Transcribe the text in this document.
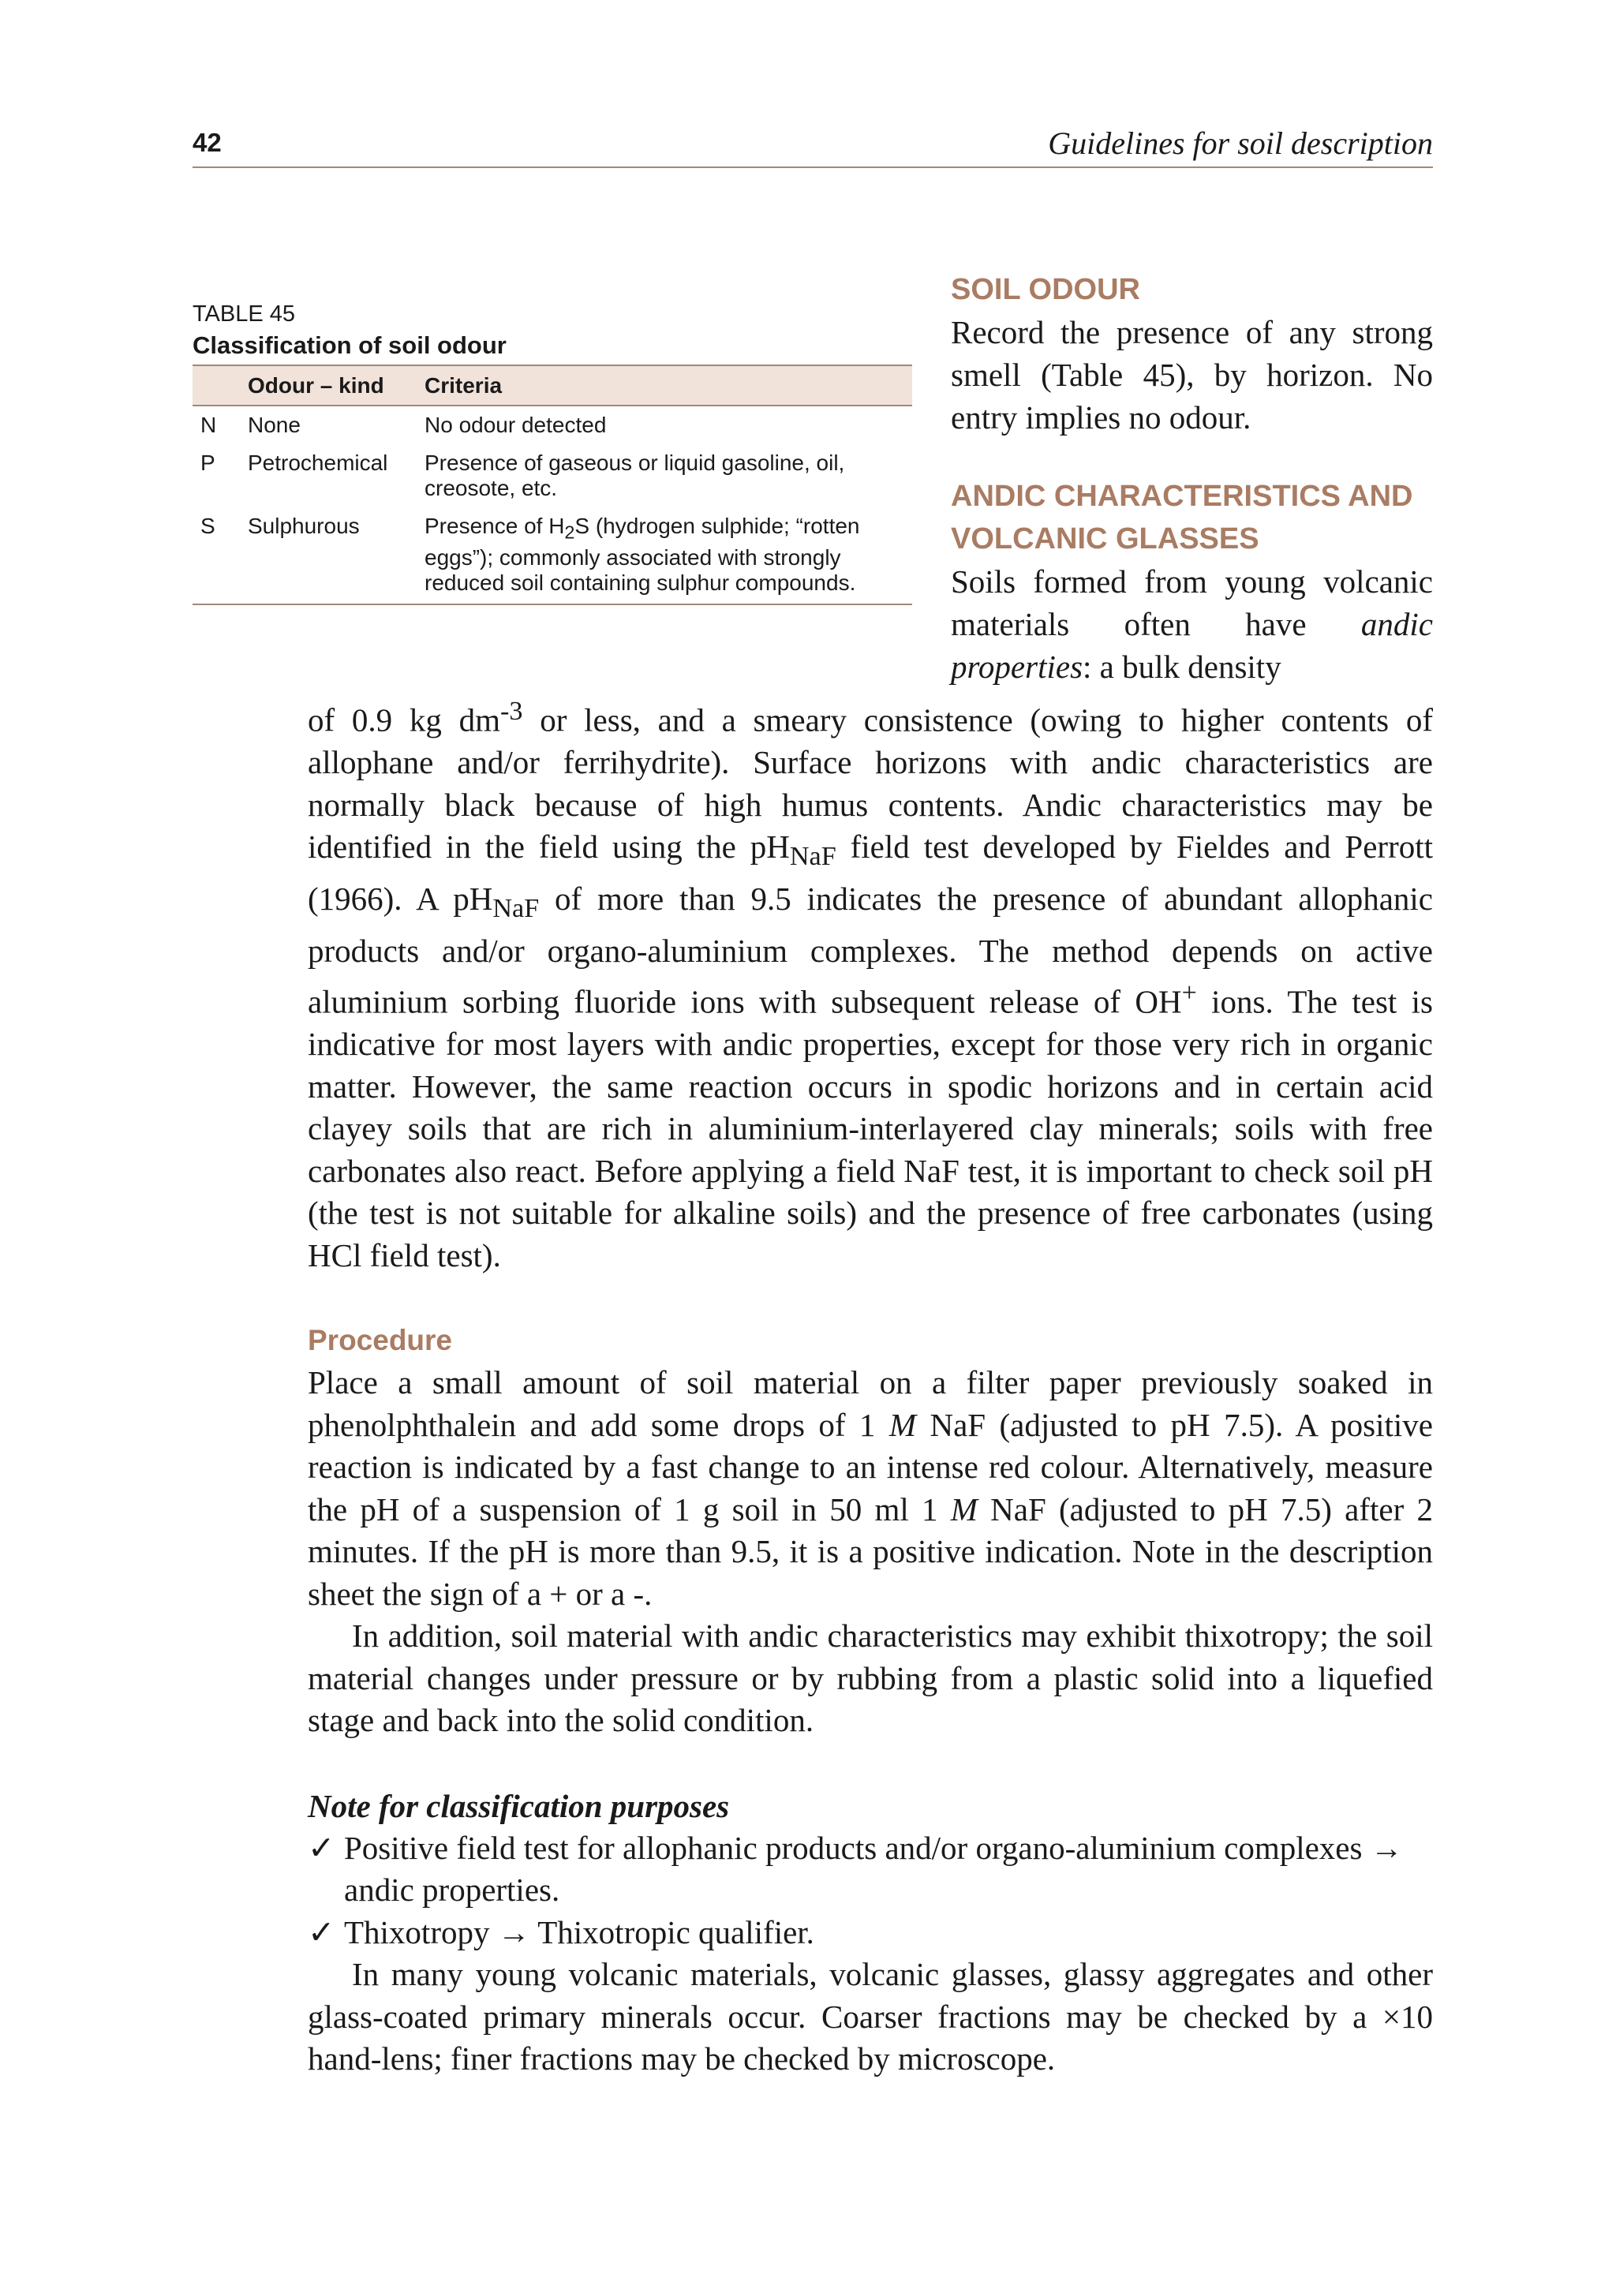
42	Guidelines for soil description
TABLE 45
Classification of soil odour
	Odour – kind	Criteria
N	None	No odour detected
P	Petrochemical	Presence of gaseous or liquid gasoline, oil, creosote, etc.
S	Sulphurous	Presence of $H_2S$ (hydrogen sulphide; “rotten eggs”); commonly associated with strongly reduced soil containing sulphur compounds.
SOIL ODOUR
Record the presence of any strong smell (Table 45), by horizon. No entry implies no odour.
ANDIC CHARACTERISTICS AND VOLCANIC GLASSES
Soils formed from young volcanic materials often have andic properties: a bulk density

of 0.9 kg $dm^{-3}$ or less, and a smeary consistence (owing to higher contents of allophane and/or ferrihydrite). Surface horizons with andic characteristics are normally black because of high humus contents. Andic characteristics may be identified in the field using the $pH_{NaF}$ field test developed by Fieldes and Perrott (1966). A $pH_{NaF}$ of more than 9.5 indicates the presence of abundant allophanic products and/or organo-aluminium complexes. The method depends on active aluminium sorbing fluoride ions with subsequent release of OH+ ions. The test is indicative for most layers with andic properties, except for those very rich in organic matter. However, the same reaction occurs in spodic horizons and in certain acid clayey soils that are rich in aluminium-interlayered clay minerals; soils with free carbonates also react. Before applying a field NaF test, it is important to check soil pH (the test is not suitable for alkaline soils) and the presence of free carbonates (using HCl field test).

Procedure

Place a small amount of soil material on a filter paper previously soaked in phenolphthalein and add some drops of 1 M NaF (adjusted to pH 7.5). A positive reaction is indicated by a fast change to an intense red colour. Alternatively, measure the pH of a suspension of 1 g soil in 50 ml 1 M NaF (adjusted to pH 7.5) after 2 minutes. If the pH is more than 9.5, it is a positive indication. Note in the description sheet the sign of a + or a -.

In addition, soil material with andic characteristics may exhibit thixotropy; the soil material changes under pressure or by rubbing from a plastic solid into a liquefied stage and back into the solid condition.

Note for classification purposes
✓ Positive field test for allophanic products and/or organo-aluminium complexes → andic properties.
✓ Thixotropy → Thixotropic qualifier.

In many young volcanic materials, volcanic glasses, glassy aggregates and other glass-coated primary minerals occur. Coarser fractions may be checked by a ×10 hand-lens; finer fractions may be checked by microscope.
